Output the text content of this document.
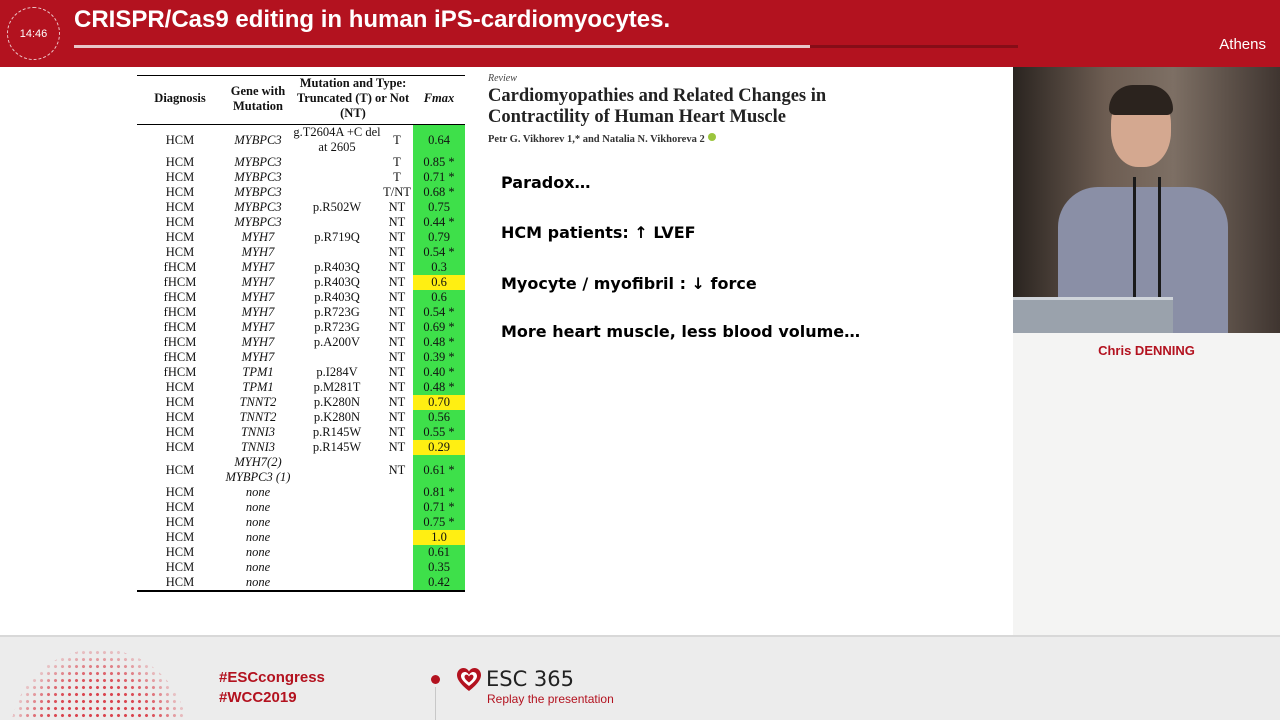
14:46
CRISPR/Cas9 editing in human iPS-cardiomyocytes.
Athens
Diagnosis	Gene with Mutation	Mutation and Type: Truncated (T) or Not (NT)		Fmax
HCM	MYBPC3	g.T2604A +C del at 2605	T	0.64
HCM	MYBPC3		T	0.85 *
HCM	MYBPC3		T	0.71 *
HCM	MYBPC3		T/NT	0.68 *
HCM	MYBPC3	p.R502W	NT	0.75
HCM	MYBPC3		NT	0.44 *
HCM	MYH7	p.R719Q	NT	0.79
HCM	MYH7		NT	0.54 *
fHCM	MYH7	p.R403Q	NT	0.3
fHCM	MYH7	p.R403Q	NT	0.6
fHCM	MYH7	p.R403Q	NT	0.6
fHCM	MYH7	p.R723G	NT	0.54 *
fHCM	MYH7	p.R723G	NT	0.69 *
fHCM	MYH7	p.A200V	NT	0.48 *
fHCM	MYH7		NT	0.39 *
fHCM	TPM1	p.I284V	NT	0.40 *
HCM	TPM1	p.M281T	NT	0.48 *
HCM	TNNT2	p.K280N	NT	0.70
HCM	TNNT2	p.K280N	NT	0.56
HCM	TNNI3	p.R145W	NT	0.55 *
HCM	TNNI3	p.R145W	NT	0.29
HCM	MYH7(2) MYBPC3 (1)		NT	0.61 *
HCM	none			0.81 *
HCM	none			0.71 *
HCM	none			0.75 *
HCM	none			1.0
HCM	none			0.61
HCM	none			0.35
HCM	none			0.42
Review
Cardiomyopathies and Related Changes in Contractility of Human Heart Muscle
Petr G. Vikhorev 1,* and Natalia N. Vikhoreva 2
Paradox…
HCM patients: ↑ LVEF
Myocyte / myofibril : ↓ force
More heart muscle, less blood volume…
Chris DENNING
#ESCcongress
#WCC2019
ESC 365
Replay the presentation
